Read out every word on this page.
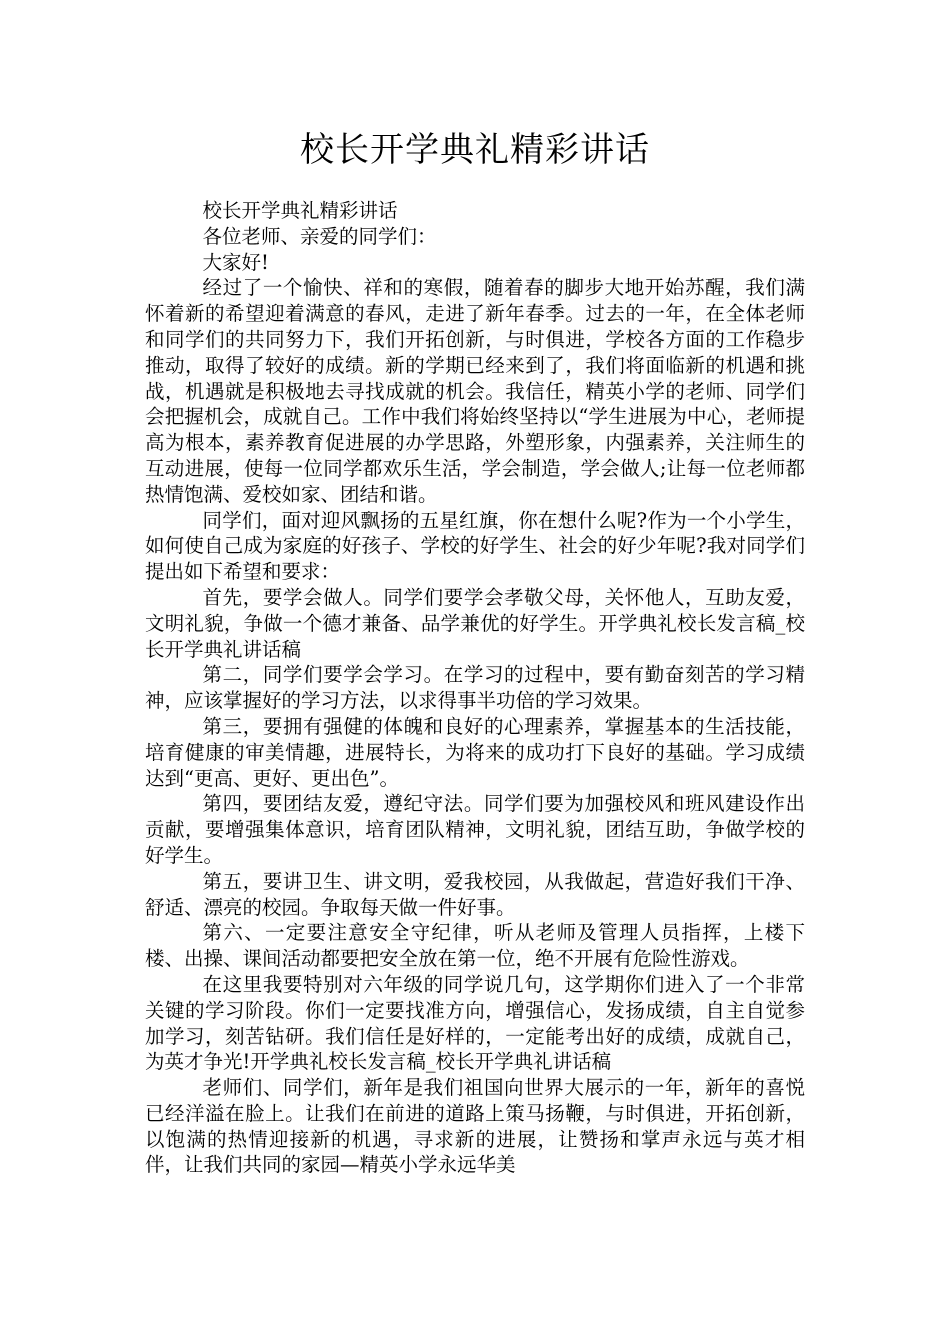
校长开学典礼精彩讲话

校长开学典礼精彩讲话

各位老师、亲爱的同学们：

大家好!

经过了一个愉快、祥和的寒假，随着春的脚步大地开始苏醒，我们满怀着新的希望迎着满意的春风，走进了新年春季。过去的一年，在全体老师和同学们的共同努力下，我们开拓创新，与时俱进，学校各方面的工作稳步推动，取得了较好的成绩。新的学期已经来到了，我们将面临新的机遇和挑战，机遇就是积极地去寻找成就的机会。我信任，精英小学的老师、同学们会把握机会，成就自己。工作中我们将始终坚持以“学生进展为中心，老师提高为根本，素养教育促进展的办学思路，外塑形象，内强素养，关注师生的互动进展，使每一位同学都欢乐生活，学会制造，学会做人;让每一位老师都热情饱满、爱校如家、团结和谐。

同学们，面对迎风飘扬的五星红旗，你在想什么呢?作为一个小学生，如何使自己成为家庭的好孩子、学校的好学生、社会的好少年呢?我对同学们提出如下希望和要求：

首先，要学会做人。同学们要学会孝敬父母，关怀他人，互助友爱，文明礼貌，争做一个德才兼备、品学兼优的好学生。开学典礼校长发言稿_校长开学典礼讲话稿

第二，同学们要学会学习。在学习的过程中，要有勤奋刻苦的学习精神，应该掌握好的学习方法，以求得事半功倍的学习效果。

第三，要拥有强健的体魄和良好的心理素养，掌握基本的生活技能，培育健康的审美情趣，进展特长，为将来的成功打下良好的基础。学习成绩达到“更高、更好、更出色”。

第四，要团结友爱，遵纪守法。同学们要为加强校风和班风建设作出贡献，要增强集体意识，培育团队精神，文明礼貌，团结互助，争做学校的好学生。

第五，要讲卫生、讲文明，爱我校园，从我做起，营造好我们干净、舒适、漂亮的校园。争取每天做一件好事。

第六、一定要注意安全守纪律，听从老师及管理人员指挥，上楼下楼、出操、课间活动都要把安全放在第一位，绝不开展有危险性游戏。

在这里我要特别对六年级的同学说几句，这学期你们进入了一个非常关键的学习阶段。你们一定要找准方向，增强信心，发扬成绩，自主自觉参加学习，刻苦钻研。我们信任是好样的，一定能考出好的成绩，成就自己，为英才争光!开学典礼校长发言稿_校长开学典礼讲话稿

老师们、同学们，新年是我们祖国向世界大展示的一年，新年的喜悦已经洋溢在脸上。让我们在前进的道路上策马扬鞭，与时俱进，开拓创新，以饱满的热情迎接新的机遇，寻求新的进展，让赞扬和掌声永远与英才相伴，让我们共同的家园—精英小学永远华美
